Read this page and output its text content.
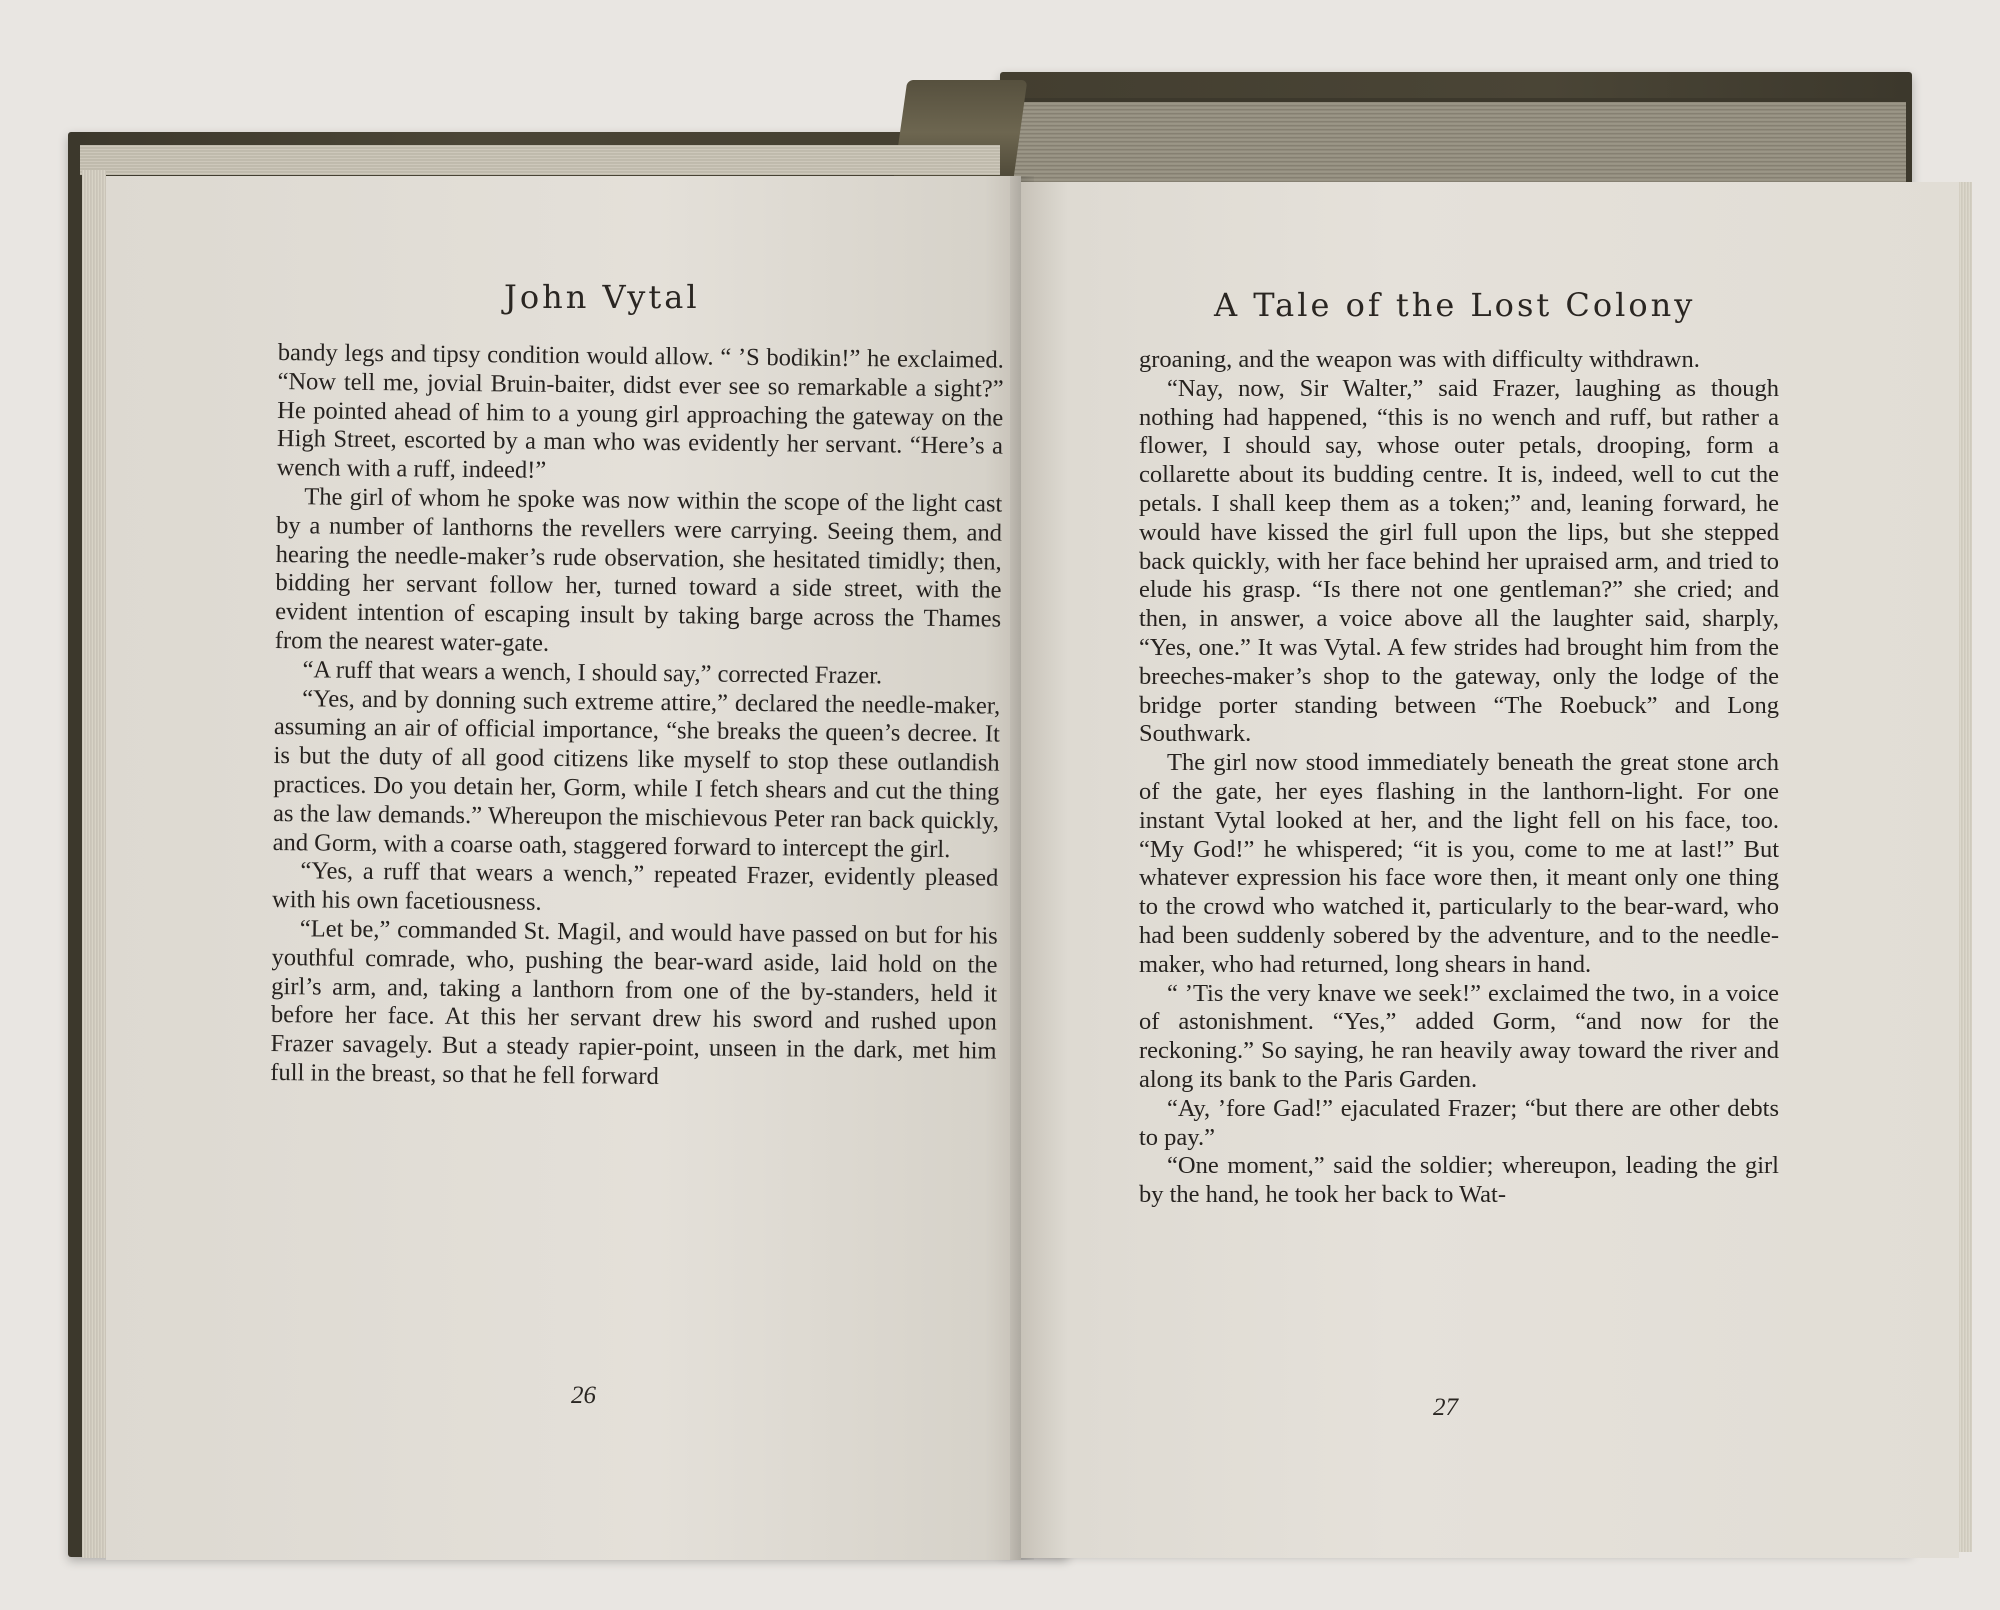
John Vytal

bandy legs and tipsy condition would allow. “ ’S bodikin!” he exclaimed. “Now tell me, jovial Bruin-baiter, didst ever see so remarkable a sight?” He pointed ahead of him to a young girl approaching the gateway on the High Street, escorted by a man who was evidently her servant. “Here’s a wench with a ruff, indeed!”

The girl of whom he spoke was now within the scope of the light cast by a number of lanthorns the revellers were carrying. Seeing them, and hearing the needle-maker’s rude observation, she hesitated timidly; then, bidding her servant follow her, turned toward a side street, with the evident intention of escaping insult by taking barge across the Thames from the nearest water-gate.

“A ruff that wears a wench, I should say,” corrected Frazer.

“Yes, and by donning such extreme attire,” declared the needle-maker, assuming an air of official importance, “she breaks the queen’s decree. It is but the duty of all good citizens like myself to stop these outlandish practices. Do you detain her, Gorm, while I fetch shears and cut the thing as the law demands.” Whereupon the mischievous Peter ran back quickly, and Gorm, with a coarse oath, staggered forward to intercept the girl.

“Yes, a ruff that wears a wench,” repeated Frazer, evidently pleased with his own facetiousness.

“Let be,” commanded St. Magil, and would have passed on but for his youthful comrade, who, pushing the bear-ward aside, laid hold on the girl’s arm, and, taking a lanthorn from one of the by-standers, held it before her face. At this her servant drew his sword and rushed upon Frazer savagely. But a steady rapier-point, unseen in the dark, met him full in the breast, so that he fell forward

26
A Tale of the Lost Colony

groaning, and the weapon was with difficulty withdrawn.

“Nay, now, Sir Walter,” said Frazer, laughing as though nothing had happened, “this is no wench and ruff, but rather a flower, I should say, whose outer petals, drooping, form a collarette about its budding centre. It is, indeed, well to cut the petals. I shall keep them as a token;” and, leaning forward, he would have kissed the girl full upon the lips, but she stepped back quickly, with her face behind her upraised arm, and tried to elude his grasp. “Is there not one gentleman?” she cried; and then, in answer, a voice above all the laughter said, sharply, “Yes, one.” It was Vytal. A few strides had brought him from the breeches-maker’s shop to the gateway, only the lodge of the bridge porter standing between “The Roebuck” and Long Southwark.

The girl now stood immediately beneath the great stone arch of the gate, her eyes flashing in the lanthorn-light. For one instant Vytal looked at her, and the light fell on his face, too. “My God!” he whispered; “it is you, come to me at last!” But whatever expression his face wore then, it meant only one thing to the crowd who watched it, particularly to the bear-ward, who had been suddenly sobered by the adventure, and to the needle-maker, who had returned, long shears in hand.

“ ’Tis the very knave we seek!” exclaimed the two, in a voice of astonishment. “Yes,” added Gorm, “and now for the reckoning.” So saying, he ran heavily away toward the river and along its bank to the Paris Garden.

“Ay, ’fore Gad!” ejaculated Frazer; “but there are other debts to pay.”

“One moment,” said the soldier; whereupon, leading the girl by the hand, he took her back to Wat-

27
